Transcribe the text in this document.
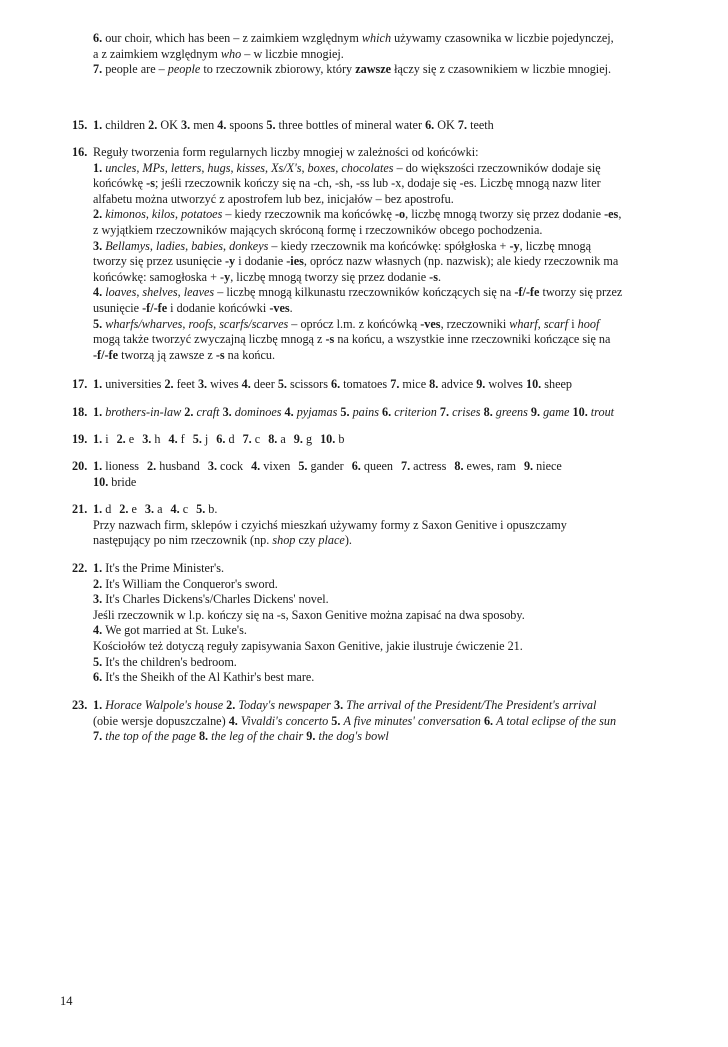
6. our choir, which has been – z zaimkiem względnym which używamy czasownika w liczbie pojedynczej,
a z zaimkiem względnym who – w liczbie mnogiej.
7. people are – people to rzeczownik zbiorowy, który zawsze łączy się z czasownikiem w liczbie mnogiej.
15. 1. children 2. OK 3. men 4. spoons 5. three bottles of mineral water 6. OK 7. teeth
16. Reguły tworzenia form regularnych liczby mnogiej w zależności od końcówki:
1. uncles, MPs, letters, hugs, kisses, Xs/X's, boxes, chocolates – do większości rzeczowników dodaje się
końcówkę -s; jeśli rzeczownik kończy się na -ch, -sh, -ss lub -x, dodaje się -es. Liczbę mnogą nazw liter
alfabetu można utworzyć z apostrofem lub bez, inicjałów – bez apostrofu.
2. kimonos, kilos, potatoes – kiedy rzeczownik ma końcówkę -o, liczbę mnogą tworzy się przez dodanie -es,
z wyjątkiem rzeczowników mających skróconą formę i rzeczowników obcego pochodzenia.
3. Bellamys, ladies, babies, donkeys – kiedy rzeczownik ma końcówkę: spółgłoska + -y, liczbę mnogą
tworzy się przez usunięcie -y i dodanie -ies, oprócz nazw własnych (np. nazwisk); ale kiedy rzeczownik ma
końcówkę: samogłoska + -y, liczbę mnogą tworzy się przez dodanie -s.
4. loaves, shelves, leaves – liczbę mnogą kilkunastu rzeczowników kończących się na -f/-fe tworzy się przez
usunięcie -f/-fe i dodanie końcówki -ves.
5. wharfs/wharves, roofs, scarfs/scarves – oprócz l.m. z końcówką -ves, rzeczowniki wharf, scarf i hoof
mogą także tworzyć zwyczajną liczbę mnogą z -s na końcu, a wszystkie inne rzeczowniki kończące się na
-f/-fe tworzą ją zawsze z -s na końcu.
17. 1. universities 2. feet 3. wives 4. deer 5. scissors 6. tomatoes 7. mice 8. advice 9. wolves 10. sheep
18. 1. brothers-in-law 2. craft 3. dominoes 4. pyjamas 5. pains 6. criterion 7. crises 8. greens 9. game 10. trout
19. 1. i 2. e 3. h 4. f 5. j 6. d 7. c 8. a 9. g 10. b
20. 1. lioness 2. husband 3. cock 4. vixen 5. gander 6. queen 7. actress 8. ewes, ram 9. niece
10. bride
21. 1. d 2. e 3. a 4. c 5. b.
Przy nazwach firm, sklepów i czyichś mieszkań używamy formy z Saxon Genitive i opuszczamy
następujący po nim rzeczownik (np. shop czy place).
22. 1. It's the Prime Minister's.
2. It's William the Conqueror's sword.
3. It's Charles Dickens's/Charles Dickens' novel.
Jeśli rzeczownik w l.p. kończy się na -s, Saxon Genitive można zapisać na dwa sposoby.
4. We got married at St. Luke's.
Kościołów też dotyczą reguły zapisywania Saxon Genitive, jakie ilustruje ćwiczenie 21.
5. It's the children's bedroom.
6. It's the Sheikh of the Al Kathir's best mare.
23. 1. Horace Walpole's house 2. Today's newspaper 3. The arrival of the President/The President's arrival
(obie wersje dopuszczalne) 4. Vivaldi's concerto 5. A five minutes' conversation 6. A total eclipse of the sun
7. the top of the page 8. the leg of the chair 9. the dog's bowl
14
